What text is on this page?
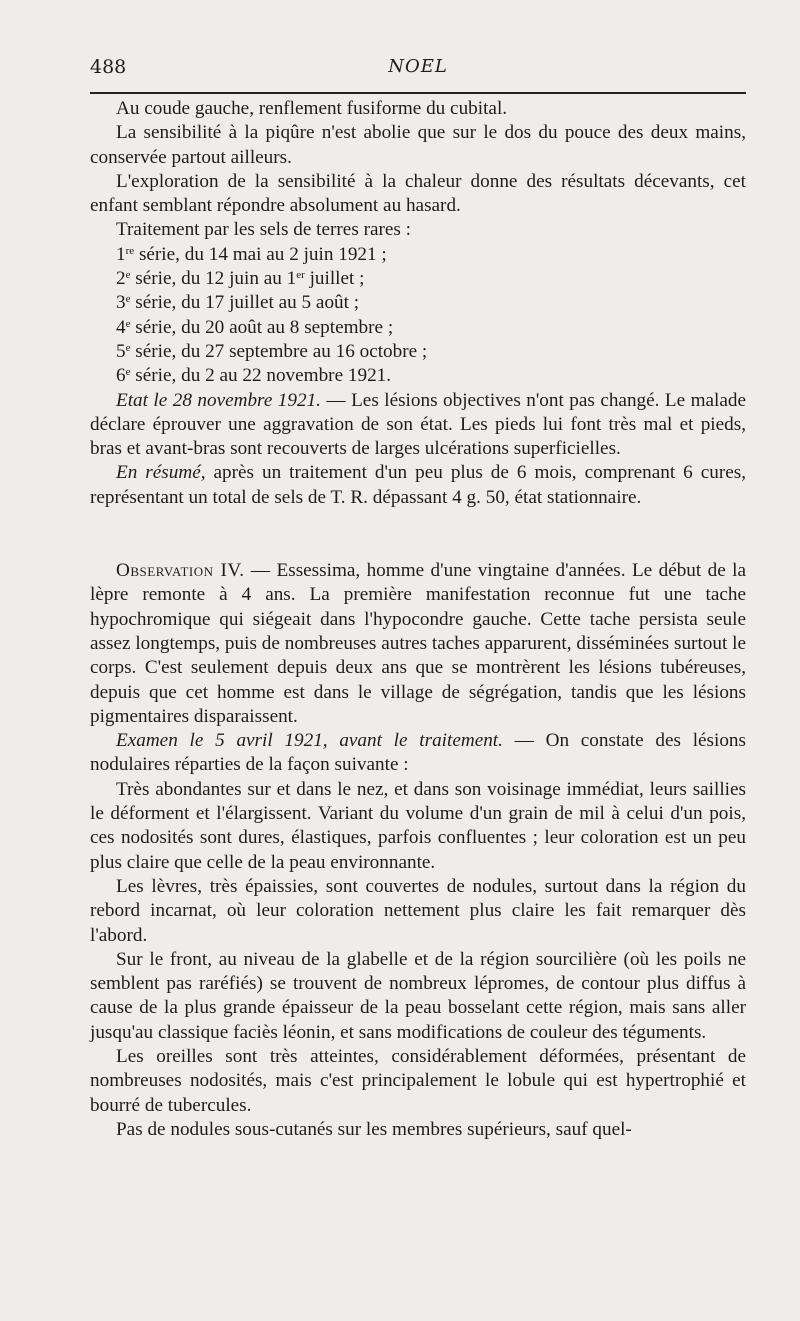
488	NOEL

Au coude gauche, renflement fusiforme du cubital.

La sensibilité à la piqûre n'est abolie que sur le dos du pouce des deux mains, conservée partout ailleurs.

L'exploration de la sensibilité à la chaleur donne des résultats décevants, cet enfant semblant répondre absolument au hasard.

Traitement par les sels de terres rares :

1re série, du 14 mai au 2 juin 1921 ;

2e série, du 12 juin au 1er juillet ;

3e série, du 17 juillet au 5 août ;

4e série, du 20 août au 8 septembre ;

5e série, du 27 septembre au 16 octobre ;

6e série, du 2 au 22 novembre 1921.

Etat le 28 novembre 1921. — Les lésions objectives n'ont pas changé. Le malade déclare éprouver une aggravation de son état. Les pieds lui font très mal et pieds, bras et avant-bras sont recouverts de larges ulcérations superficielles.

En résumé, après un traitement d'un peu plus de 6 mois, comprenant 6 cures, représentant un total de sels de T. R. dépassant 4 g. 50, état stationnaire.

Observation IV. — Essessima, homme d'une vingtaine d'années. Le début de la lèpre remonte à 4 ans. La première manifestation reconnue fut une tache hypochromique qui siégeait dans l'hypocondre gauche. Cette tache persista seule assez longtemps, puis de nombreuses autres taches apparurent, disséminées surtout le corps. C'est seulement depuis deux ans que se montrèrent les lésions tubéreuses, depuis que cet homme est dans le village de ségrégation, tandis que les lésions pigmentaires disparaissent.

Examen le 5 avril 1921, avant le traitement. — On constate des lésions nodulaires réparties de la façon suivante :

Très abondantes sur et dans le nez, et dans son voisinage immédiat, leurs saillies le déforment et l'élargissent. Variant du volume d'un grain de mil à celui d'un pois, ces nodosités sont dures, élastiques, parfois confluentes ; leur coloration est un peu plus claire que celle de la peau environnante.

Les lèvres, très épaissies, sont couvertes de nodules, surtout dans la région du rebord incarnat, où leur coloration nettement plus claire les fait remarquer dès l'abord.

Sur le front, au niveau de la glabelle et de la région sourcilière (où les poils ne semblent pas raréfiés) se trouvent de nombreux lépromes, de contour plus diffus à cause de la plus grande épaisseur de la peau bosselant cette région, mais sans aller jusqu'au classique faciès léonin, et sans modifications de couleur des téguments.

Les oreilles sont très atteintes, considérablement déformées, présentant de nombreuses nodosités, mais c'est principalement le lobule qui est hypertrophié et bourré de tubercules.

Pas de nodules sous-cutanés sur les membres supérieurs, sauf quel-
